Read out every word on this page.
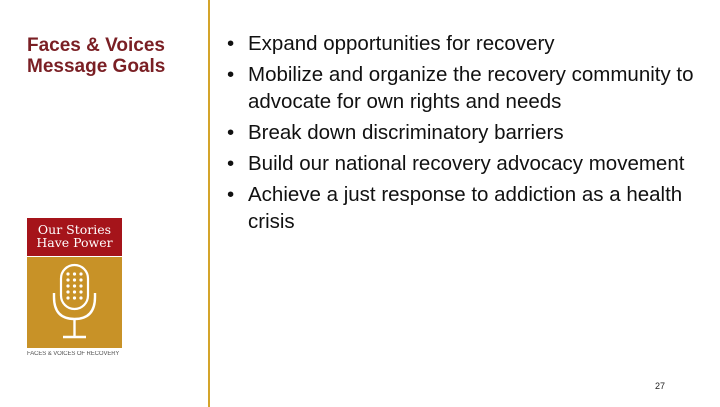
Faces & Voices Message Goals
• Expand opportunities for recovery
• Mobilize and organize the recovery community to advocate for own rights and needs
• Break down discriminatory barriers
• Build our national recovery advocacy movement
• Achieve a just response to addiction as a health crisis
Our Stories
Have Power
FACES & VOICES OF RECOVERY
27
